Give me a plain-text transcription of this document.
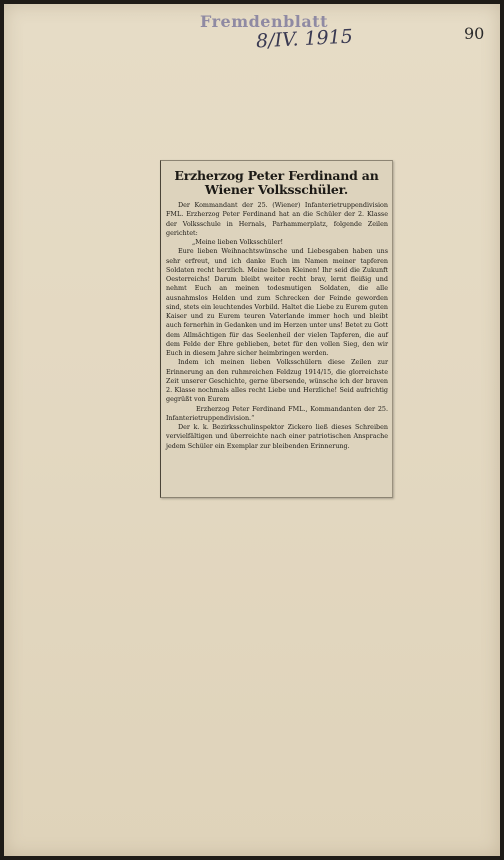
Fremdenblatt
8/IV. 1915	90
Erzherzog Peter Ferdinand an Wiener Volksschüler.

Der Kommandant der 25. (Wiener) Infanterietruppendivision FML. Erzherzog Peter Ferdinand hat an die Schüler der 2. Klasse der Volksschule in Hernals, Parhammerplatz, folgende Zeilen gerichtet:

„Meine lieben Volksschüler!

Eure lieben Weihnachtswünsche und Liebesgaben haben uns sehr erfreut, und ich danke Euch im Namen meiner tapferen Soldaten recht herzlich. Meine lieben Kleinen! Ihr seid die Zukunft Oesterreichs! Darum bleibt weiter recht brav, lernt fleißig und nehmt Euch an meinen todesmutigen Soldaten, die alle ausnahmslos Helden und zum Schrecken der Feinde geworden sind, stets ein leuchtendes Vorbild. Haltet die Liebe zu Eurem guten Kaiser und zu Eurem teuren Vaterlande immer hoch und bleibt auch fernerhin in Gedanken und im Herzen unter uns! Betet zu Gott dem Allmächtigen für das Seelenheil der vielen Tapferen, die auf dem Felde der Ehre geblieben, betet für den vollen Sieg, den wir Euch in diesem Jahre sicher heimbringen werden.

Indem ich meinen lieben Volksschülern diese Zeilen zur Erinnerung an den ruhmreichen Feldzug 1914/15, die glorreichste Zeit unserer Geschichte, gerne übersende, wünsche ich der braven 2. Klasse nochmals alles recht Liebe und Herzliche! Seid aufrichtig gegrüßt von Eurem

Erzherzog Peter Ferdinand FML., Kommandanten der 25. Infanterietruppendivision.“

Der k. k. Bezirksschulinspektor Zickero ließ dieses Schreiben vervielfältigen und überreichte nach einer patriotischen Ansprache jedem Schüler ein Exemplar zur bleibenden Erinnerung.
